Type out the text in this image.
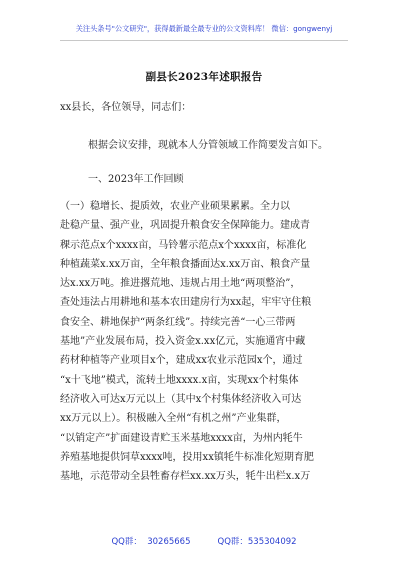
关注头条号"公文研究"，获得最新最全最专业的公文资料库！ 微信：gongwenyj
副县长2023年述职报告
xx县长，各位领导，同志们：
根据会议安排，现就本人分管领域工作简要发言如下。
一、2023年工作回顾
（一）稳增长、提质效，农业产业硕果累累。全力以
赴稳产量、强产业，巩固提升粮食安全保障能力。建成青
稞示范点x个xxxx亩，马铃薯示范点x个xxxx亩，标准化
种植蔬菜x.xx万亩，全年粮食播面达x.xx万亩、粮食产量
达x.xx万吨。推进撂荒地、违规占用土地“两项整治”，
查处违法占用耕地和基本农田建房行为xx起，牢牢守住粮
食安全、耕地保护“两条红线”。持续完善“一心三带两
基地”产业发展布局，投入资金x.xx亿元，实施通宵中藏
药材种植等产业项目x个，建成xx农业示范园x个，通过
“x十飞地”模式，流转土地xxxx.x亩，实现xx个村集体
经济收入可达x万元以上（其中x个村集体经济收入可达
xx万元以上）。积极融入全州“有机之州”产业集群，
“以销定产”扩面建设青贮玉米基地xxxx亩，为州内牦牛
养殖基地提供饲草xxxx吨，投用xx镇牦牛标准化短期育肥
基地，示范带动全县牲畜存栏xx.xx万头，牦牛出栏x.x万
QQ群：  30265665          QQ群：535304092
